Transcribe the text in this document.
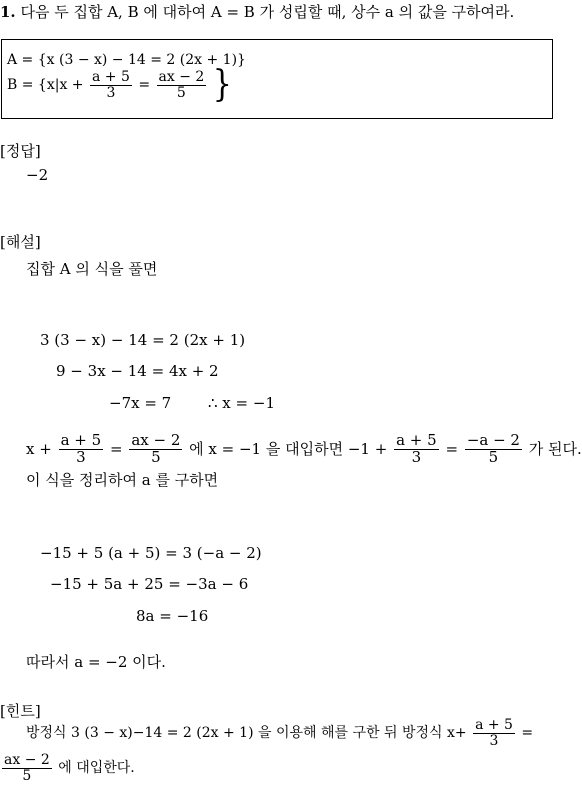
1. 다음 두 집합 A, B 에 대하여 A = B 가 성립할 때, 상수 a 의 값을 구하여라.
A = {x (3 − x) − 14 = 2 (2x + 1)}
$B = \{x|x + \frac{a + 5}{3} = \frac{ax - 2}{5}$ }
[정답]
−2
[해설]
집합 A 의 식을 풀면
3 (3 − x) − 14 = 2 (2x + 1)
9 − 3x − 14 = 4x + 2
−7x = 7 ∴ x = −1
$x + \frac{a + 5}{3} = \frac{ax - 2}{5}$ 에 x = −1 을 대입하면 $-1 + \frac{a + 5}{3} = \frac{-a - 2}{5}$ 가 된다.
이 식을 정리하여 a 를 구하면
−15 + 5 (a + 5) = 3 (−a − 2)
−15 + 5a + 25 = −3a − 6
8a = −16
따라서 a = −2 이다.
[힌트]
방정식 3 (3 − x)−14 = 2 (2x + 1) 을 이용해 해를 구한 뒤 방정식 $x+ \frac{a + 5}{3}$ =
$\frac{ax - 2}{5}$ 에 대입한다.
